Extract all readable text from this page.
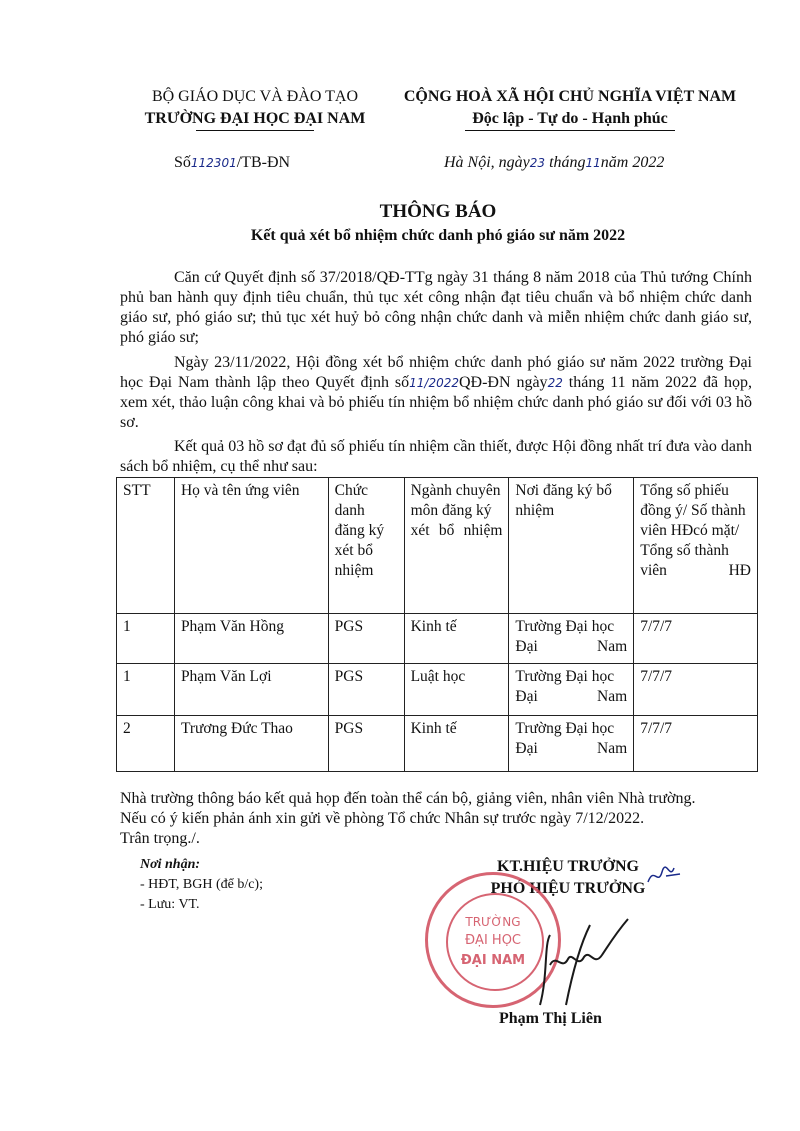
BỘ GIÁO DỤC VÀ ĐÀO TẠO
TRƯỜNG ĐẠI HỌC ĐẠI NAM
CỘNG HOÀ XÃ HỘI CHỦ NGHĨA VIỆT NAM
Độc lập - Tự do - Hạnh phúc
Số112301/TB-ĐN	Hà Nội, ngày23 tháng11năm 2022
THÔNG BÁO
Kết quả xét bổ nhiệm chức danh phó giáo sư năm 2022
Căn cứ Quyết định số 37/2018/QĐ-TTg ngày 31 tháng 8 năm 2018 của Thủ tướng Chính phủ ban hành quy định tiêu chuẩn, thủ tục xét công nhận đạt tiêu chuẩn và bổ nhiệm chức danh giáo sư, phó giáo sư; thủ tục xét huỷ bỏ công nhận chức danh và miễn nhiệm chức danh giáo sư, phó giáo sư;
Ngày 23/11/2022, Hội đồng xét bổ nhiệm chức danh phó giáo sư năm 2022 trường Đại học Đại Nam thành lập theo Quyết định số11/2022QĐ-ĐN ngày22 tháng 11 năm 2022 đã họp, xem xét, thảo luận công khai và bỏ phiếu tín nhiệm bổ nhiệm chức danh phó giáo sư đối với 03 hồ sơ.
Kết quả 03 hồ sơ đạt đủ số phiếu tín nhiệm cần thiết, được Hội đồng nhất trí đưa vào danh sách bổ nhiệm, cụ thể như sau:
STT	Họ và tên ứng viên	Chức danh đăng ký xét bổ nhiệm	Ngành chuyên môn đăng ký xét bổ nhiệm	Nơi đăng ký bổ nhiệm	Tổng số phiếu đồng ý/ Số thành viên HĐcó mặt/ Tổng số thành viên HĐ
1	Phạm Văn Hồng	PGS	Kinh tế	Trường Đại học Đại Nam	7/7/7
1	Phạm Văn Lợi	PGS	Luật học	Trường Đại học Đại Nam	7/7/7
2	Trương Đức Thao	PGS	Kinh tế	Trường Đại học Đại Nam	7/7/7
Nhà trường thông báo kết quả họp đến toàn thể cán bộ, giảng viên, nhân viên Nhà trường.
Nếu có ý kiến phản ánh xin gửi về phòng Tổ chức Nhân sự trước ngày 7/12/2022.
Trân trọng./.
Nơi nhận:
- HĐT, BGH (để b/c);
- Lưu: VT.
KT.HIỆU TRƯỞNG
PHÓ HIỆU TRƯỞNG
TRƯỜNG
ĐẠI HỌC
ĐẠI NAM
Phạm Thị Liên
